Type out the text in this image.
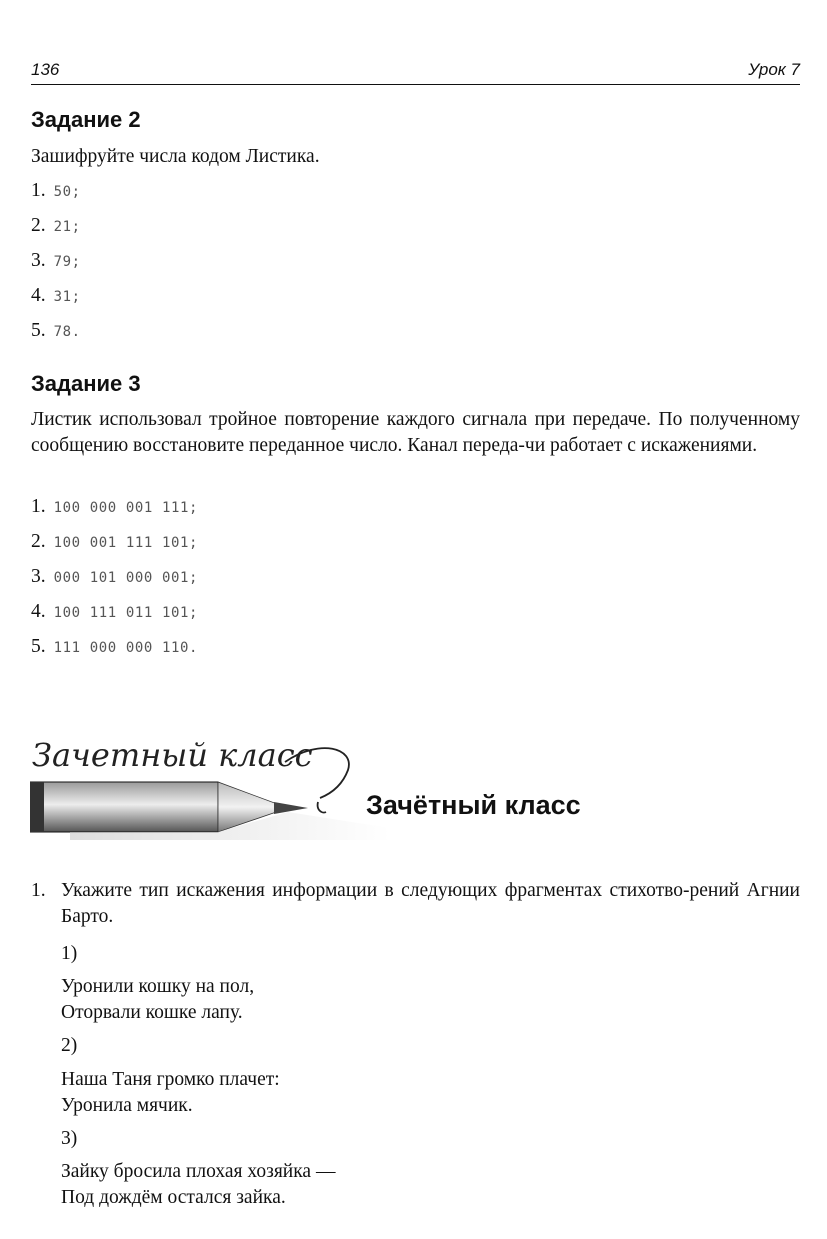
136	Урок 7
Задание 2

Зашифруйте числа кодом Листика.

1. 50;
2. 21;
3. 79;
4. 31;
5. 78.
Задание 3

Листик использовал тройное повторение каждого сигнала при передаче. По полученному сообщению восстановите переданное число. Канал переда-чи работает с искажениями.

1. 100 000 001 111;
2. 100 001 111 101;
3. 000 101 000 001;
4. 100 111 011 101;
5. 111 000 000 110.
Зачетный класс
Зачётный класс
1. Укажите тип искажения информации в следующих фрагментах стихотво-рений Агнии Барто.
1)
Уронили кошку на пол,
Оторвали кошке лапу.
2)
Наша Таня громко плачет:
Уронила мячик.
3)
Зайку бросила плохая хозяйка —
Под дождём остался зайка.
